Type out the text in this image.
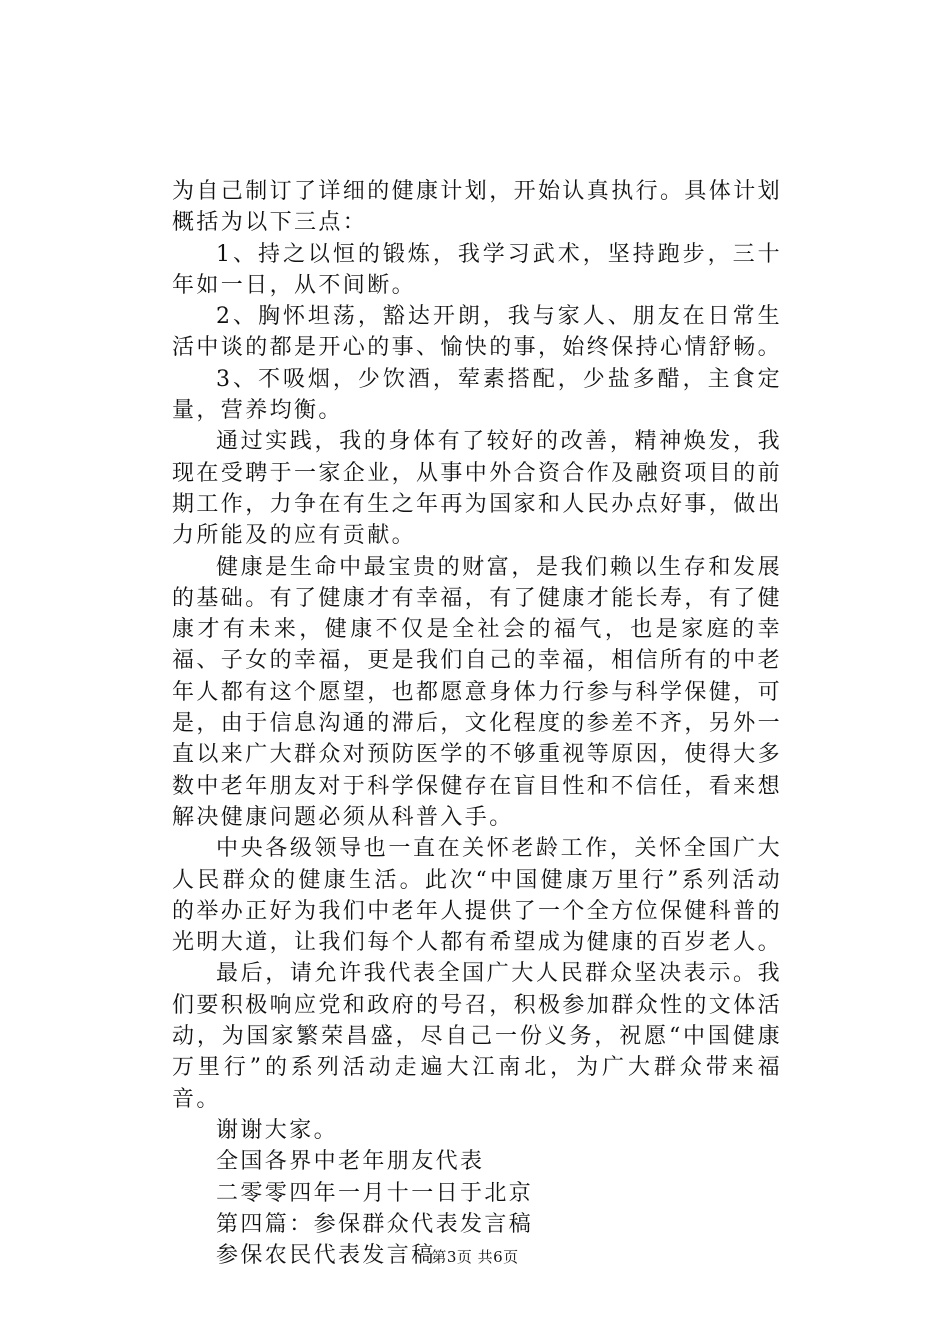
为自己制订了详细的健康计划，开始认真执行。具体计划概括为以下三点：

1、持之以恒的锻炼，我学习武术，坚持跑步，三十年如一日，从不间断。

2、胸怀坦荡，豁达开朗，我与家人、朋友在日常生活中谈的都是开心的事、愉快的事，始终保持心情舒畅。

3、不吸烟，少饮酒，荤素搭配，少盐多醋，主食定量，营养均衡。

通过实践，我的身体有了较好的改善，精神焕发，我现在受聘于一家企业，从事中外合资合作及融资项目的前期工作，力争在有生之年再为国家和人民办点好事，做出力所能及的应有贡献。

健康是生命中最宝贵的财富，是我们赖以生存和发展的基础。有了健康才有幸福，有了健康才能长寿，有了健康才有未来，健康不仅是全社会的福气，也是家庭的幸福、子女的幸福，更是我们自己的幸福，相信所有的中老年人都有这个愿望，也都愿意身体力行参与科学保健，可是，由于信息沟通的滞后，文化程度的参差不齐，另外一直以来广大群众对预防医学的不够重视等原因，使得大多数中老年朋友对于科学保健存在盲目性和不信任，看来想解决健康问题必须从科普入手。

中央各级领导也一直在关怀老龄工作，关怀全国广大人民群众的健康生活。此次“中国健康万里行”系列活动的举办正好为我们中老年人提供了一个全方位保健科普的光明大道，让我们每个人都有希望成为健康的百岁老人。

最后，请允许我代表全国广大人民群众坚决表示。我们要积极响应党和政府的号召，积极参加群众性的文体活动，为国家繁荣昌盛，尽自己一份义务，祝愿“中国健康万里行”的系列活动走遍大江南北，为广大群众带来福音。

谢谢大家。

全国各界中老年朋友代表

二零零四年一月十一日于北京

第四篇：参保群众代表发言稿

参保农民代表发言稿

第3页 共6页
